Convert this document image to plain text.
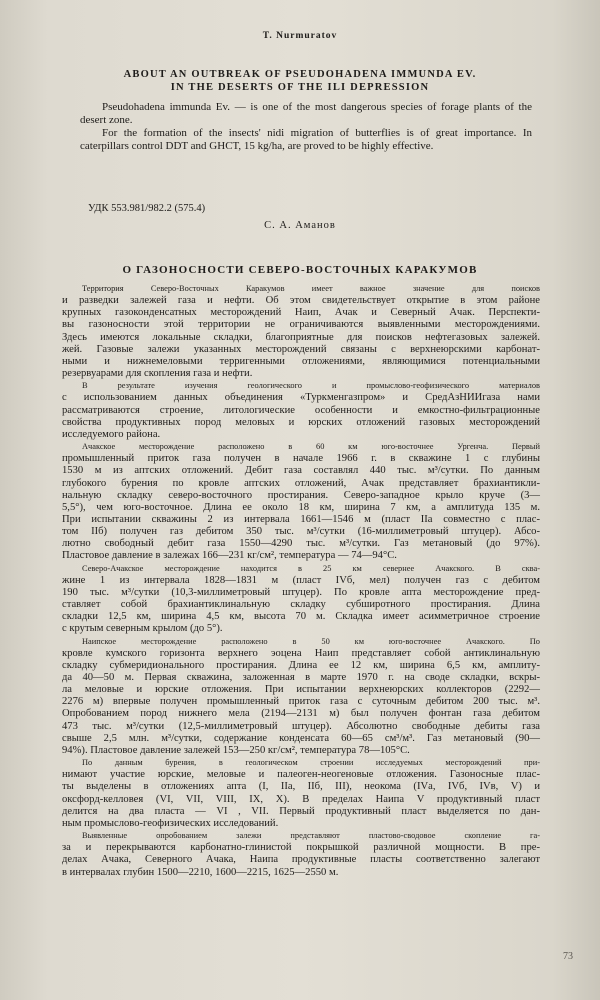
T. Nurmuratov
ABOUT AN OUTBREAK OF PSEUDOHADENA IMMUNDA EV.
IN THE DESERTS OF THE ILI DEPRESSION

Pseudohadena immunda Ev. — is one of the most dangerous species of forage plants of the desert zone.

For the formation of the insects' nidi migration of butterflies is of great importance. In caterpillars control DDT and GHCT, 15 kg/ha, are proved to be highly effective.

УДК 553.981/982.2 (575.4)
С. А. Аманов
О ГАЗОНОСНОСТИ СЕВЕРО-ВОСТОЧНЫХ КАРАКУМОВ
Территория Северо-Восточных Каракумов имеет важное значение для поисков
и разведки залежей газа и нефти. Об этом свидетельствует открытие в этом районе
крупных газоконденсатных месторождений Наип, Ачак и Северный Ачак. Перспекти-
вы газоносности этой территории не ограничиваются выявленными месторождениями.
Здесь имеются локальные складки, благоприятные для поисков нефтегазовых залежей.
жей. Газовые залежи указанных месторождений связаны с верхнеюрскими карбонат-
ными и нижнемеловыми терригенными отложениями, являющимися потенциальными
резервуарами для скопления газа и нефти.
В результате изучения геологического и промыслово-геофизического материалов
с использованием данных объединения «Туркменгазпром» и СредАзНИИгаза нами
рассматриваются строение, литологические особенности и емкостно-фильтрационные
свойства продуктивных пород меловых и юрских отложений газовых месторождений
исследуемого района.
Ачакское месторождение расположено в 60 км юго-восточнее Ургенча. Первый
промышленный приток газа получен в начале 1966 г. в скважине 1 с глубины
1530 м из аптских отложений. Дебит газа составлял 440 тыс. м³/сутки. По данным
глубокого бурения по кровле аптских отложений, Ачак представляет брахиантикли-
нальную складку северо-восточного простирания. Северо-западное крыло круче (3—
5,5°), чем юго-восточное. Длина ее около 18 км, ширина 7 км, а амплитуда 135 м.
При испытании скважины 2 из интервала 1661—1546 м (пласт IIа совместно с плас-
том IIб) получен газ дебитом 350 тыс. м³/сутки (16-миллиметровый штуцер). Абсо-
лютно свободный дебит газа 1550—4290 тыс. м³/сутки. Газ метановый (до 97%).
Пластовое давление в залежах 166—231 кг/см², температура — 74—94°С.
Северо-Ачакское месторождение находится в 25 км севернее Ачакского. В сква-
жине 1 из интервала 1828—1831 м (пласт IVб, мел) получен газ с дебитом
190 тыс. м³/сутки (10,3-миллиметровый штуцер). По кровле апта месторождение пред-
ставляет собой брахиантиклинальную складку субширотного простирания. Длина
складки 12,5 км, ширина 4,5 км, высота 70 м. Складка имеет асимметричное строение
с крутым северным крылом (до 5°).
Наипское месторождение расположено в 50 км юго-восточнее Ачакского. По
кровле кумского горизонта верхнего эоцена Наип представляет собой антиклинальную
складку субмеридионального простирания. Длина ее 12 км, ширина 6,5 км, амплиту-
да 40—50 м. Первая скважина, заложенная в марте 1970 г. на своде складки, вскры-
ла меловые и юрские отложения. При испытании верхнеюрских коллекторов (2292—
2276 м) впервые получен промышленный приток газа с суточным дебитом 200 тыс. м³.
Опробованием пород нижнего мела (2194—2131 м) был получен фонтан газа дебитом
473 тыс. м³/сутки (12,5-миллиметровый штуцер). Абсолютно свободные дебиты газа
свыше 2,5 млн. м³/сутки, содержание конденсата 60—65 см³/м³. Газ метановый (90—
94%). Пластовое давление залежей 153—250 кг/см², температура 78—105°С.
По данным бурения, в геологическом строении исследуемых месторождений при-
нимают участие юрские, меловые и палеоген-неогеновые отложения. Газоносные плас-
ты выделены в отложениях апта (I, IIа, IIб, III), неокома (IVа, IVб, IVв, V) и
оксфорд-келловея (VI, VII, VIII, IX, X). В пределах Наипа V продуктивный пласт
делится на два пласта — VI , VII. Первый продуктивный пласт выделяется по дан-
ным промыслово-геофизических исследований.
Выявленные опробованием залежи представляют пластово-сводовое скопление га-
за и перекрываются карбонатно-глинистой покрышкой различной мощности. В пре-
делах Ачака, Северного Ачака, Наипа продуктивные пласты соответственно залегают
в интервалах глубин 1500—2210, 1600—2215, 1625—2550 м.
73
